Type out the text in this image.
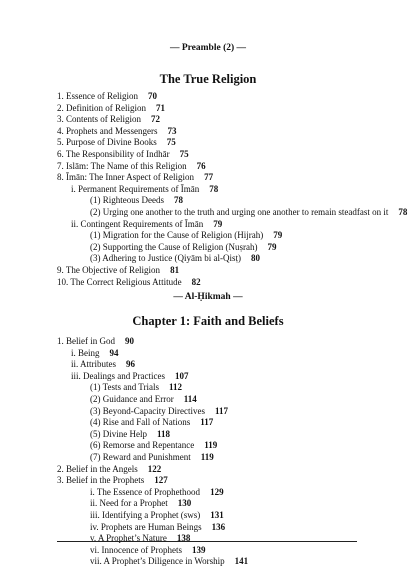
— Preamble (2) —
The True Religion
1. Essence of Religion 70
2. Definition of Religion 71
3. Contents of Religion 72
4. Prophets and Messengers 73
5. Purpose of Divine Books 75
6. The Responsibility of Indhār 75
7. Islām: The Name of this Religion 76
8. Īmān: The Inner Aspect of Religion 77
i. Permanent Requirements of Īmān 78
(1) Righteous Deeds 78
(2) Urging one another to the truth and urging one another to remain steadfast on it 78
ii. Contingent Requirements of Īmān 79
(1) Migration for the Cause of Religion (Hijrah) 79
(2) Supporting the Cause of Religion (Nuṣrah) 79
(3) Adhering to Justice (Qiyām bi al-Qisṭ) 80
9. The Objective of Religion 81
10. The Correct Religious Attitude 82
— Al-Ḥikmah —
Chapter 1: Faith and Beliefs
1. Belief in God 90
i. Being 94
ii. Attributes 96
iii. Dealings and Practices 107
(1) Tests and Trials 112
(2) Guidance and Error 114
(3) Beyond-Capacity Directives 117
(4) Rise and Fall of Nations 117
(5) Divine Help 118
(6) Remorse and Repentance 119
(7) Reward and Punishment 119
2. Belief in the Angels 122
3. Belief in the Prophets 127
i. The Essence of Prophethood 129
ii. Need for a Prophet 130
iii. Identifying a Prophet (sws) 131
iv. Prophets are Human Beings 136
v. A Prophet’s Nature 138
vi. Innocence of Prophets 139
vii. A Prophet’s Diligence in Worship 141
